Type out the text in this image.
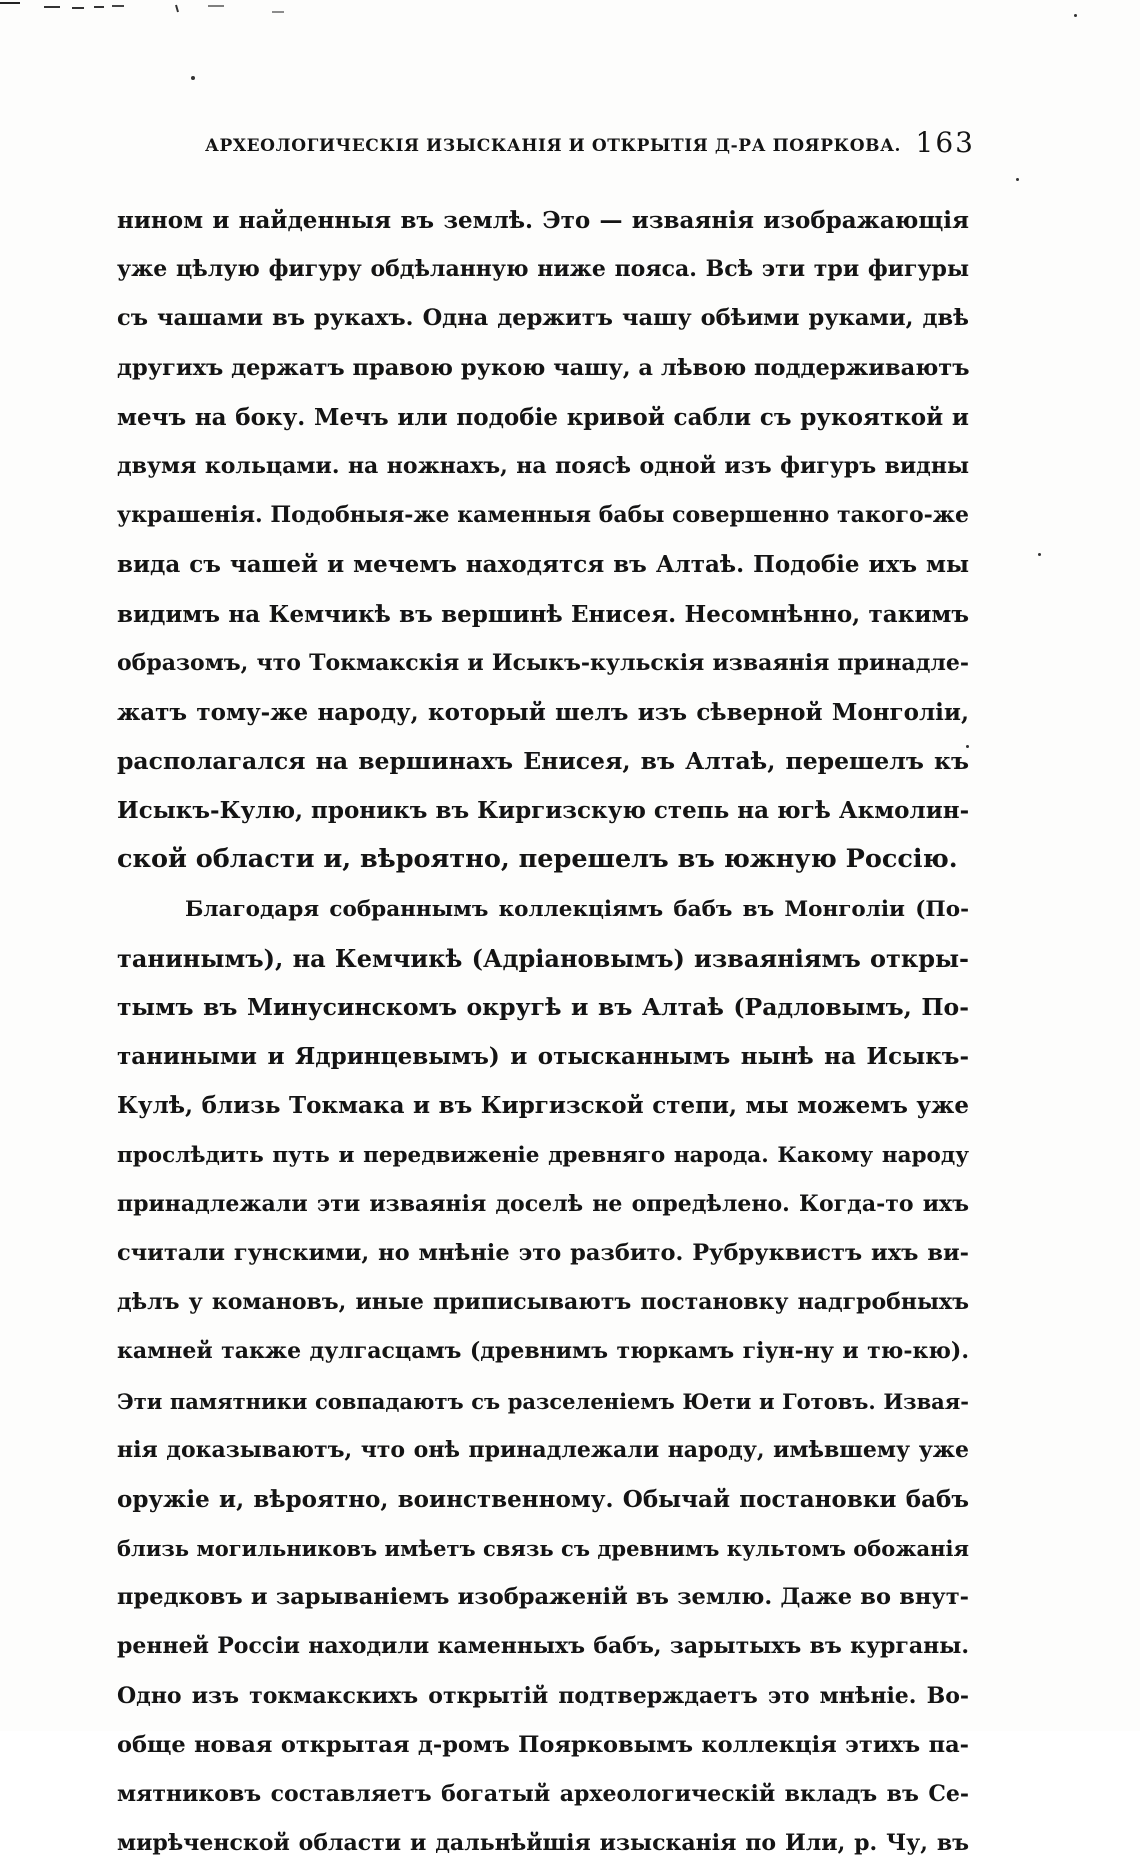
АРХЕОЛОГИЧЕСКІЯ ИЗЫСКАНІЯ И ОТКРЫТІЯ Д-РА ПОЯРКОВА. 163
нином и найденныя въ землѣ. Это — изваянія изображающія
уже цѣлую фигуру обдѣланную ниже пояса. Всѣ эти три фигуры
съ чашами въ рукахъ. Одна держитъ чашу обѣими руками, двѣ
другихъ держатъ правою рукою чашу, а лѣвою поддерживаютъ
мечъ на боку. Мечъ или подобіе кривой сабли съ рукояткой и
двумя кольцами. на ножнахъ, на поясѣ одной изъ фигуръ видны
украшенія. Подобныя-же каменныя бабы совершенно такого-же
вида съ чашей и мечемъ находятся въ Алтаѣ. Подобіе ихъ мы
видимъ на Кемчикѣ въ вершинѣ Енисея. Несомнѣнно, такимъ
образомъ, что Токмакскія и Исыкъ-кульскія изваянія принадле-
жатъ тому-же народу, который шелъ изъ сѣверной Монголіи,
располагался на вершинахъ Енисея, въ Алтаѣ, перешелъ къ
Исыкъ-Кулю, проникъ въ Киргизскую степь на югѣ Акмолин-
ской области и, вѣроятно, перешелъ въ южную Россію.
Благодаря собраннымъ коллекціямъ бабъ въ Монголіи (По-
танинымъ), на Кемчикѣ (Адріановымъ) изваяніямъ откры-
тымъ въ Минусинскомъ округѣ и въ Алтаѣ (Радловымъ, По-
таниными и Ядринцевымъ) и отысканнымъ нынѣ на Исыкъ-
Кулѣ, близь Токмака и въ Киргизской степи, мы можемъ уже
прослѣдить путь и передвиженіе древняго народа. Какому народу
принадлежали эти изваянія доселѣ не опредѣлено. Когда-то ихъ
считали гунскими, но мнѣніе это разбито. Рубруквистъ ихъ ви-
дѣлъ у комановъ, иные приписываютъ постановку надгробныхъ
камней также дулгасцамъ (древнимъ тюркамъ гіун-ну и тю-кю).
Эти памятники совпадаютъ съ разселеніемъ Юети и Готовъ. Извая-
нія доказываютъ, что онѣ принадлежали народу, имѣвшему уже
оружіе и, вѣроятно, воинственному. Обычай постановки бабъ
близь могильниковъ имѣетъ связь съ древнимъ культомъ обожанія
предковъ и зарываніемъ изображеній въ землю. Даже во внут-
ренней Россіи находили каменныхъ бабъ, зарытыхъ въ курганы.
Одно изъ токмакскихъ открытій подтверждаетъ это мнѣніе. Во-
обще новая открытая д-ромъ Поярковымъ коллекція этихъ па-
мятниковъ составляетъ богатый археологическій вкладъ въ Се-
мирѣченской области и дальнѣйшія изысканія по Или, р. Чу, въ
